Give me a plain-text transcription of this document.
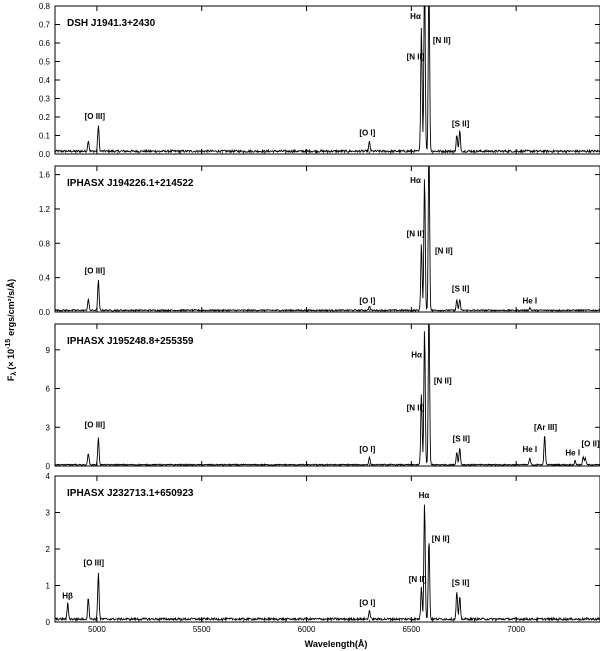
0.0
0.1
0.2
0.3
0.4
0.5
0.6
0.7
0.8
DSH J1941.3+2430
[O III]
[O I]
Hα
[N II]
[N II]
[S II]
0.0
0.4
0.8
1.2
1.6
IPHASX J194226.1+214522
[O III]
[O I]
Hα
[N II]
[N II]
[S II]
He I
0
3
6
9
IPHASX J195248.8+255359
[O III]
[O I]
Hα
[N II]
[N II]
[S II]
He I
[Ar III]
He I
[O II]
5000	5500	6000	6500	7000
0
1
2
3
4
IPHASX J232713.1+650923
Hβ
[O III]
[O I]
Hα
[N II]
[N II]
[S II]
Wavelength(Å)
$F_\lambda(\times$ $10^{-15}ergs/cm^2/s/Å$)
